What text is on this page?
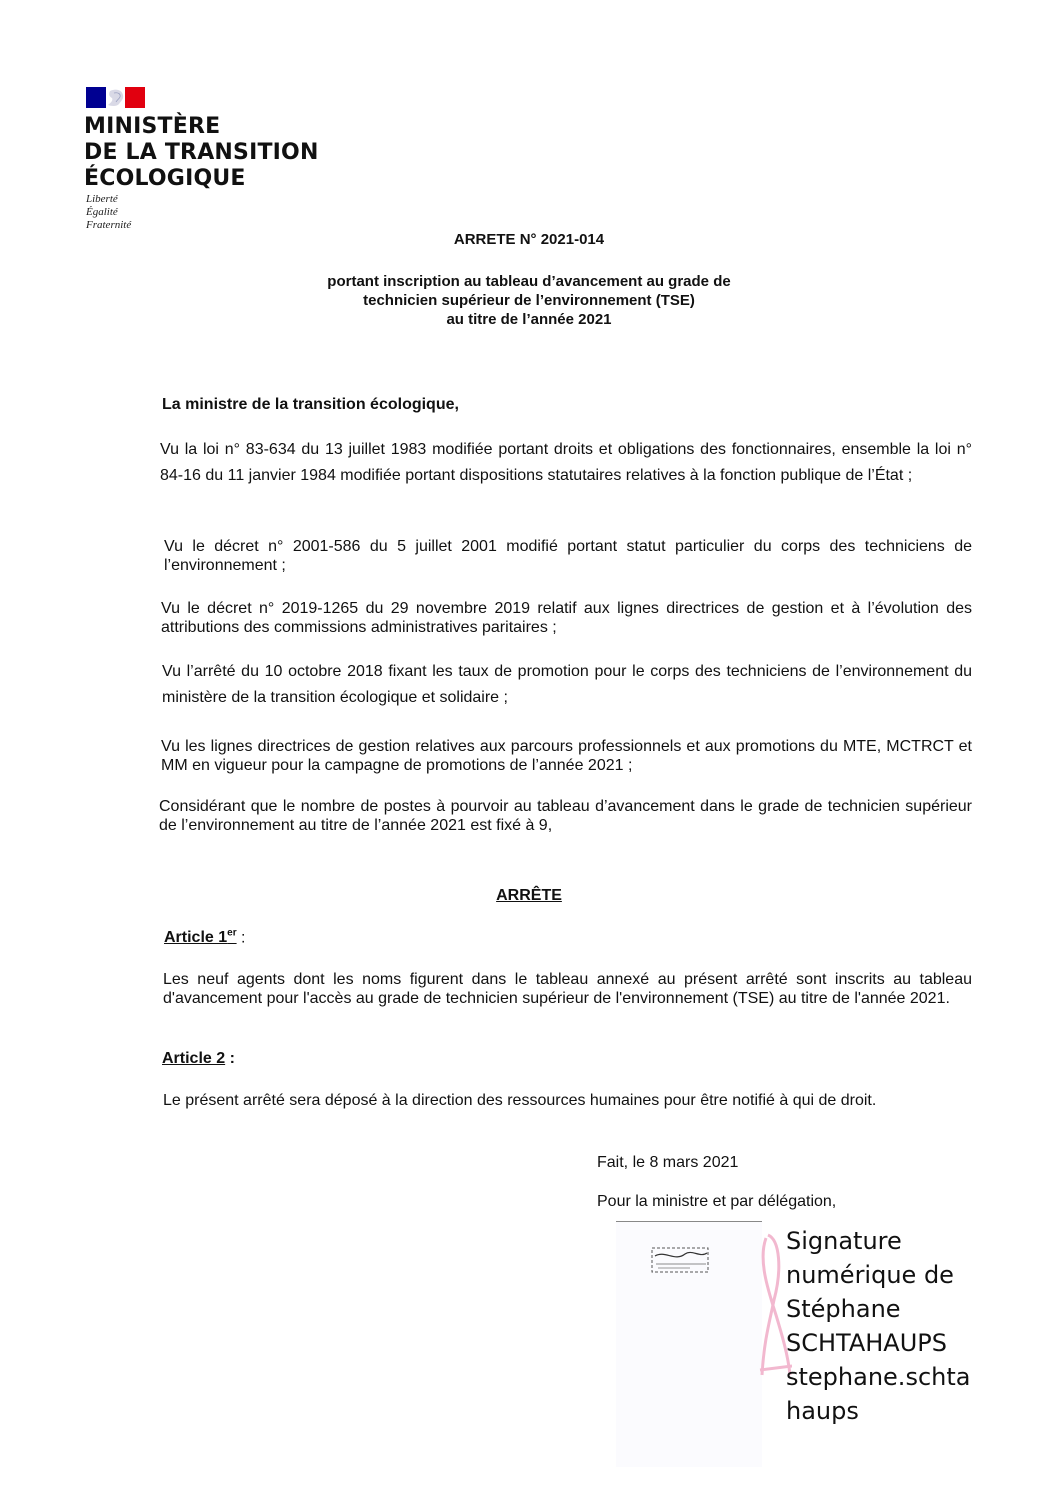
MINISTÈRE
DE LA TRANSITION
ÉCOLOGIQUE
Liberté
Égalité
Fraternité
ARRETE N° 2021-014
portant inscription au tableau d’avancement au grade de
technicien supérieur de l’environnement (TSE)
au titre de l’année 2021
La ministre de la transition écologique,
Vu la loi n° 83-634 du 13 juillet 1983 modifiée portant droits et obligations des fonctionnaires, ensemble la loi n° 84-16 du 11 janvier 1984 modifiée portant dispositions statutaires relatives à la fonction publique de l’État ;
Vu le décret n° 2001-586 du 5 juillet 2001 modifié portant statut particulier du corps des techniciens de l’environnement ;
Vu le décret n° 2019-1265 du 29 novembre 2019 relatif aux lignes directrices de gestion et à l’évolution des attributions des commissions administratives paritaires ;
Vu l’arrêté du 10 octobre 2018 fixant les taux de promotion pour le corps des techniciens de l’environnement du ministère de la transition écologique et solidaire ;
Vu les lignes directrices de gestion relatives aux parcours professionnels et aux promotions du MTE, MCTRCT et MM en vigueur pour la campagne de promotions de l’année 2021 ;
Considérant que le nombre de postes à pourvoir au tableau d’avancement dans le grade de technicien supérieur de l’environnement au titre de l’année 2021 est fixé à 9,
ARRÊTE
Article 1er :
Les neuf agents dont les noms figurent dans le tableau annexé au présent arrêté sont inscrits au tableau d'avancement pour l'accès au grade de technicien supérieur de l'environnement (TSE) au titre de l'année 2021.
Article 2 :
Le présent arrêté sera déposé à la direction des ressources humaines pour être notifié à qui de droit.
Fait, le 8 mars 2021
Pour la ministre et par délégation,
Signature
numérique de
Stéphane
SCHTAHAUPS
stephane.schta
haups
